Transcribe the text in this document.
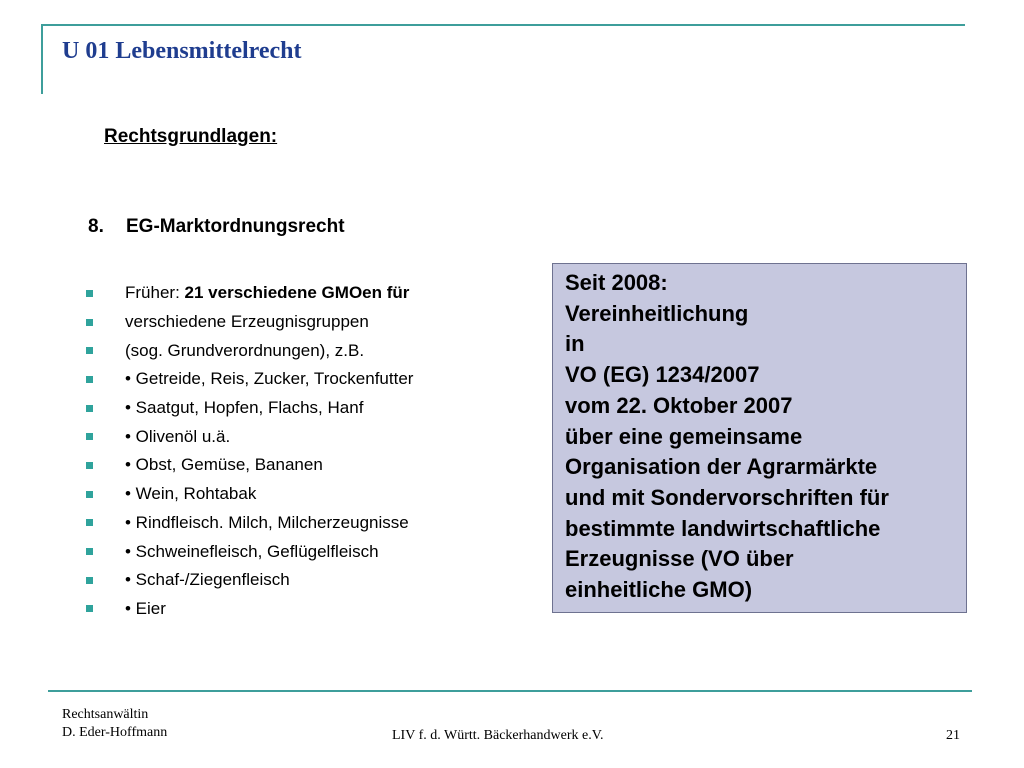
U 01 Lebensmittelrecht
Rechtsgrundlagen:
8. EG-Marktordnungsrecht
Früher: 21 verschiedene GMOen für
verschiedene Erzeugnisgruppen
(sog. Grundverordnungen), z.B.
• Getreide, Reis, Zucker, Trockenfutter
• Saatgut, Hopfen, Flachs, Hanf
• Olivenöl u.ä.
• Obst, Gemüse, Bananen
• Wein, Rohtabak
• Rindfleisch. Milch, Milcherzeugnisse
• Schweinefleisch, Geflügelfleisch
• Schaf-/Ziegenfleisch
• Eier
Seit 2008:
Vereinheitlichung
in
VO (EG) 1234/2007
vom 22. Oktober 2007
über eine gemeinsame
Organisation der Agrarmärkte
und mit Sondervorschriften für
bestimmte landwirtschaftliche
Erzeugnisse (VO über
einheitliche GMO)
Rechtsanwältin
D. Eder-Hoffmann	LIV f. d. Württ. Bäckerhandwerk e.V.	21
